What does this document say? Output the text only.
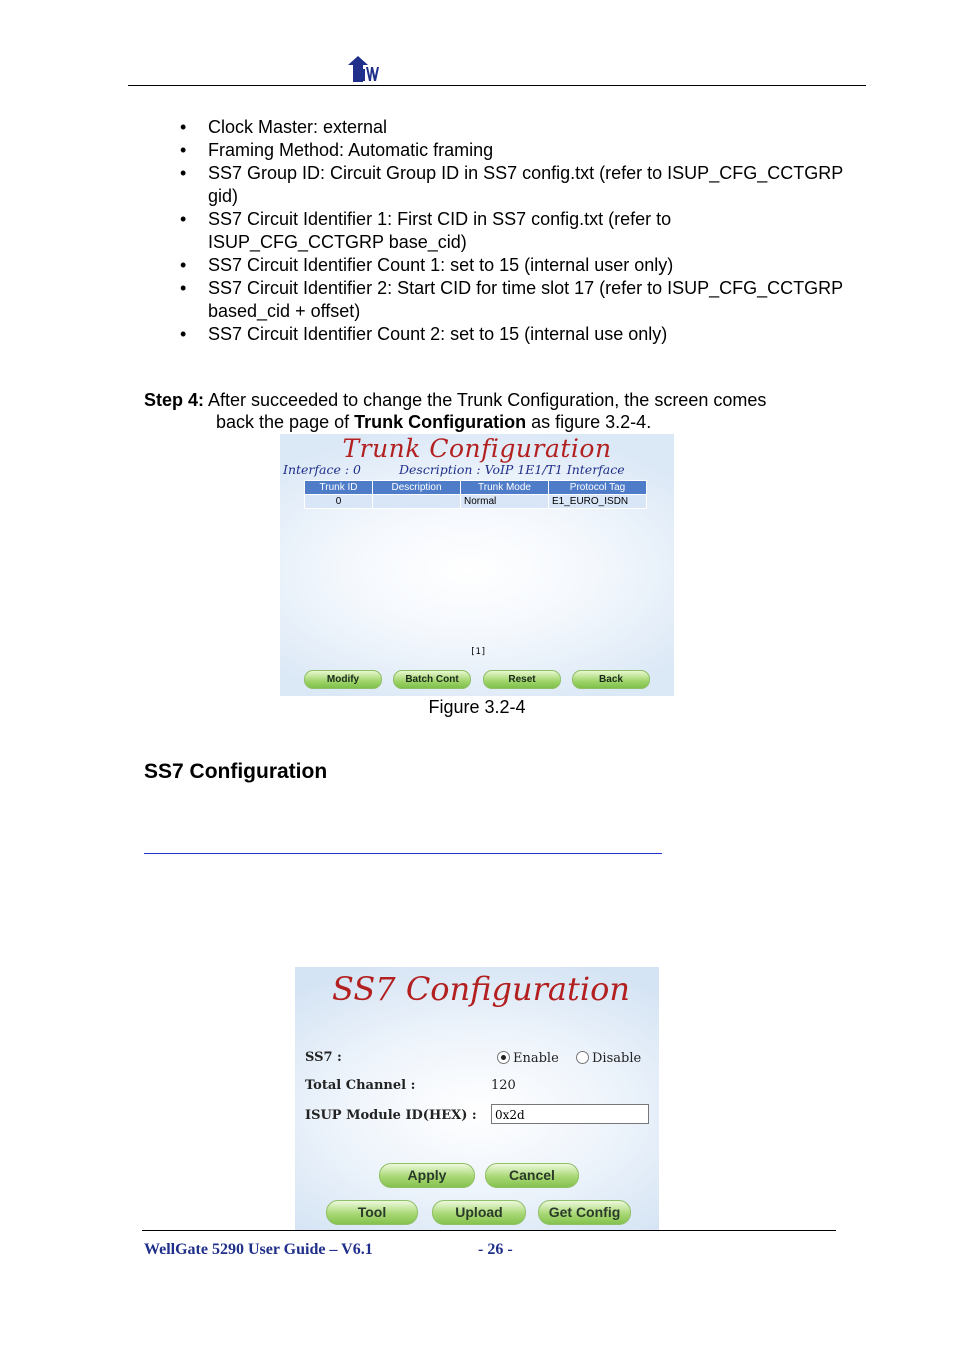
• Clock Master: external
• Framing Method: Automatic framing
• SS7 Group ID: Circuit Group ID in SS7 config.txt (refer to ISUP_CFG_CCTGRP gid)
• SS7 Circuit Identifier 1: First CID in SS7 config.txt (refer to ISUP_CFG_CCTGRP base_cid)
• SS7 Circuit Identifier Count 1: set to 15 (internal user only)
• SS7 Circuit Identifier 2: Start CID for time slot 17 (refer to ISUP_CFG_CCTGRP based_cid + offset)
• SS7 Circuit Identifier Count 2: set to 15 (internal use only)
Step 4: After succeeded to change the Trunk Configuration, the screen comes
back the page of Trunk Configuration as figure 3.2-4.
Trunk Configuration
Interface : 0	Description : VoIP 1E1/T1 Interface
Trunk ID	Description	Trunk Mode	Protocol Tag
0		Normal	E1_EURO_ISDN
[1]
Modify	Batch Cont	Reset	Back
Figure 3.2-4
SS7 Configuration
SS7 Configuration
SS7 :	Enable	Disable
Total Channel :	120
ISUP Module ID(HEX) :	0x2d
Apply	Cancel
Tool	Upload	Get Config
WellGate 5290 User Guide – V6.1	- 26 -
